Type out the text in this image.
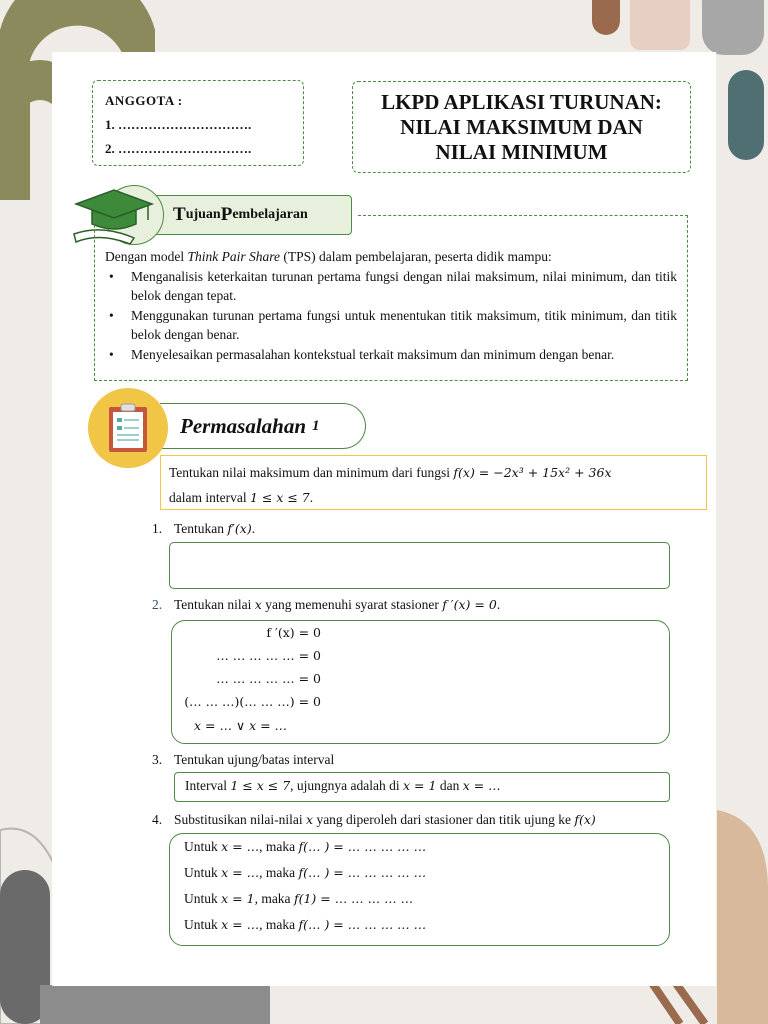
ANGGOTA :
1. ………………………….
2. ………………………….
LKPD APLIKASI TURUNAN:
NILAI MAKSIMUM DAN
NILAI MINIMUM
T ujuan P embelajaran

Dengan model Think Pair Share (TPS) dalam pembelajaran, peserta didik mampu:

• Menganalisis keterkaitan turunan pertama fungsi dengan nilai maksimum, nilai minimum, dan titik belok dengan tepat.
• Menggunakan turunan pertama fungsi untuk menentukan titik maksimum, titik minimum, dan titik belok dengan benar.
• Menyelesaikan permasalahan kontekstual terkait maksimum dan minimum dengan benar.
Permasalahan 1
Tentukan nilai maksimum dan minimum dari fungsi f(x) = −2x³ + 15x² + 36x
dalam interval 1 ≤ x ≤ 7.
1. Tentukan f′(x).
2. Tentukan nilai x yang memenuhi syarat stasioner f ′(x) = 0.
f ′(x) = 0
… … … … … = 0
… … … … … = 0
(… … …)(… … …) = 0
x = … ∨ x = …
3. Tentukan ujung/batas interval
Interval 1 ≤ x ≤ 7, ujungnya adalah di x = 1 dan x = …
4. Substitusikan nilai-nilai x yang diperoleh dari stasioner dan titik ujung ke f(x)
Untuk x = …, maka f(… ) = … … … … …
Untuk x = …, maka f(… ) = … … … … …
Untuk x = 1, maka f(1) = … … … … …
Untuk x = …, maka f(… ) = … … … … …
